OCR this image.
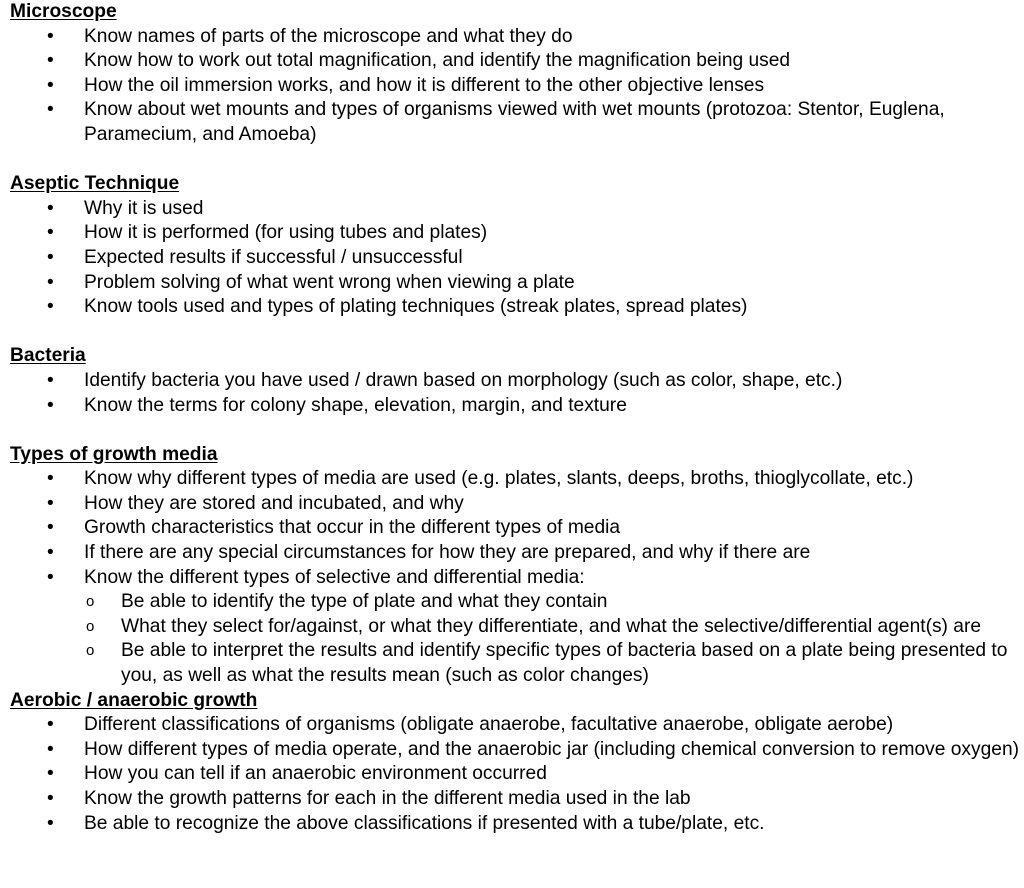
Microscope
• Know names of parts of the microscope and what they do
• Know how to work out total magnification, and identify the magnification being used
• How the oil immersion works, and how it is different to the other objective lenses
• Know about wet mounts and types of organisms viewed with wet mounts (protozoa: Stentor, Euglena, Paramecium, and Amoeba)
Aseptic Technique
• Why it is used
• How it is performed (for using tubes and plates)
• Expected results if successful / unsuccessful
• Problem solving of what went wrong when viewing a plate
• Know tools used and types of plating techniques (streak plates, spread plates)
Bacteria
• Identify bacteria you have used / drawn based on morphology (such as color, shape, etc.)
• Know the terms for colony shape, elevation, margin, and texture
Types of growth media
• Know why different types of media are used (e.g. plates, slants, deeps, broths, thioglycollate, etc.)
• How they are stored and incubated, and why
• Growth characteristics that occur in the different types of media
• If there are any special circumstances for how they are prepared, and why if there are
• Know the different types of selective and differential media:
o Be able to identify the type of plate and what they contain
o What they select for/against, or what they differentiate, and what the selective/differential agent(s) are
o Be able to interpret the results and identify specific types of bacteria based on a plate being presented to you, as well as what the results mean (such as color changes)
Aerobic / anaerobic growth
• Different classifications of organisms (obligate anaerobe, facultative anaerobe, obligate aerobe)
• How different types of media operate, and the anaerobic jar (including chemical conversion to remove oxygen)
• How you can tell if an anaerobic environment occurred
• Know the growth patterns for each in the different media used in the lab
• Be able to recognize the above classifications if presented with a tube/plate, etc.
